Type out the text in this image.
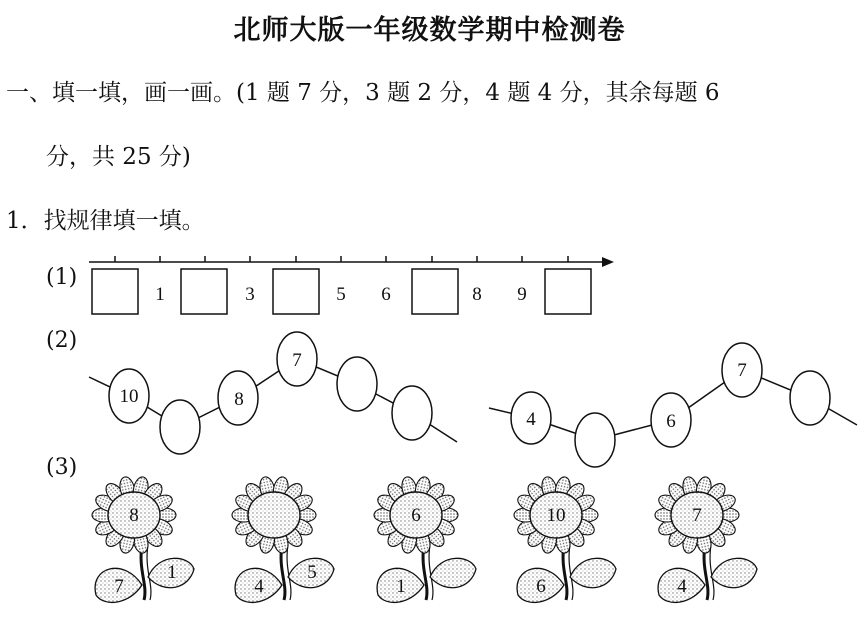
北师大版一年级数学期中检测卷
一、填一填，画一画。(1 题 7 分，3 题 2 分，4 题 4 分，其余每题 6
分，共 25 分)
1．找规律填一填。
(1)
(2)
(3)
1	3	5 6	8 9
10	8
7
4	6
7
8
7
1
4
5
6
1
10
6
7
4
